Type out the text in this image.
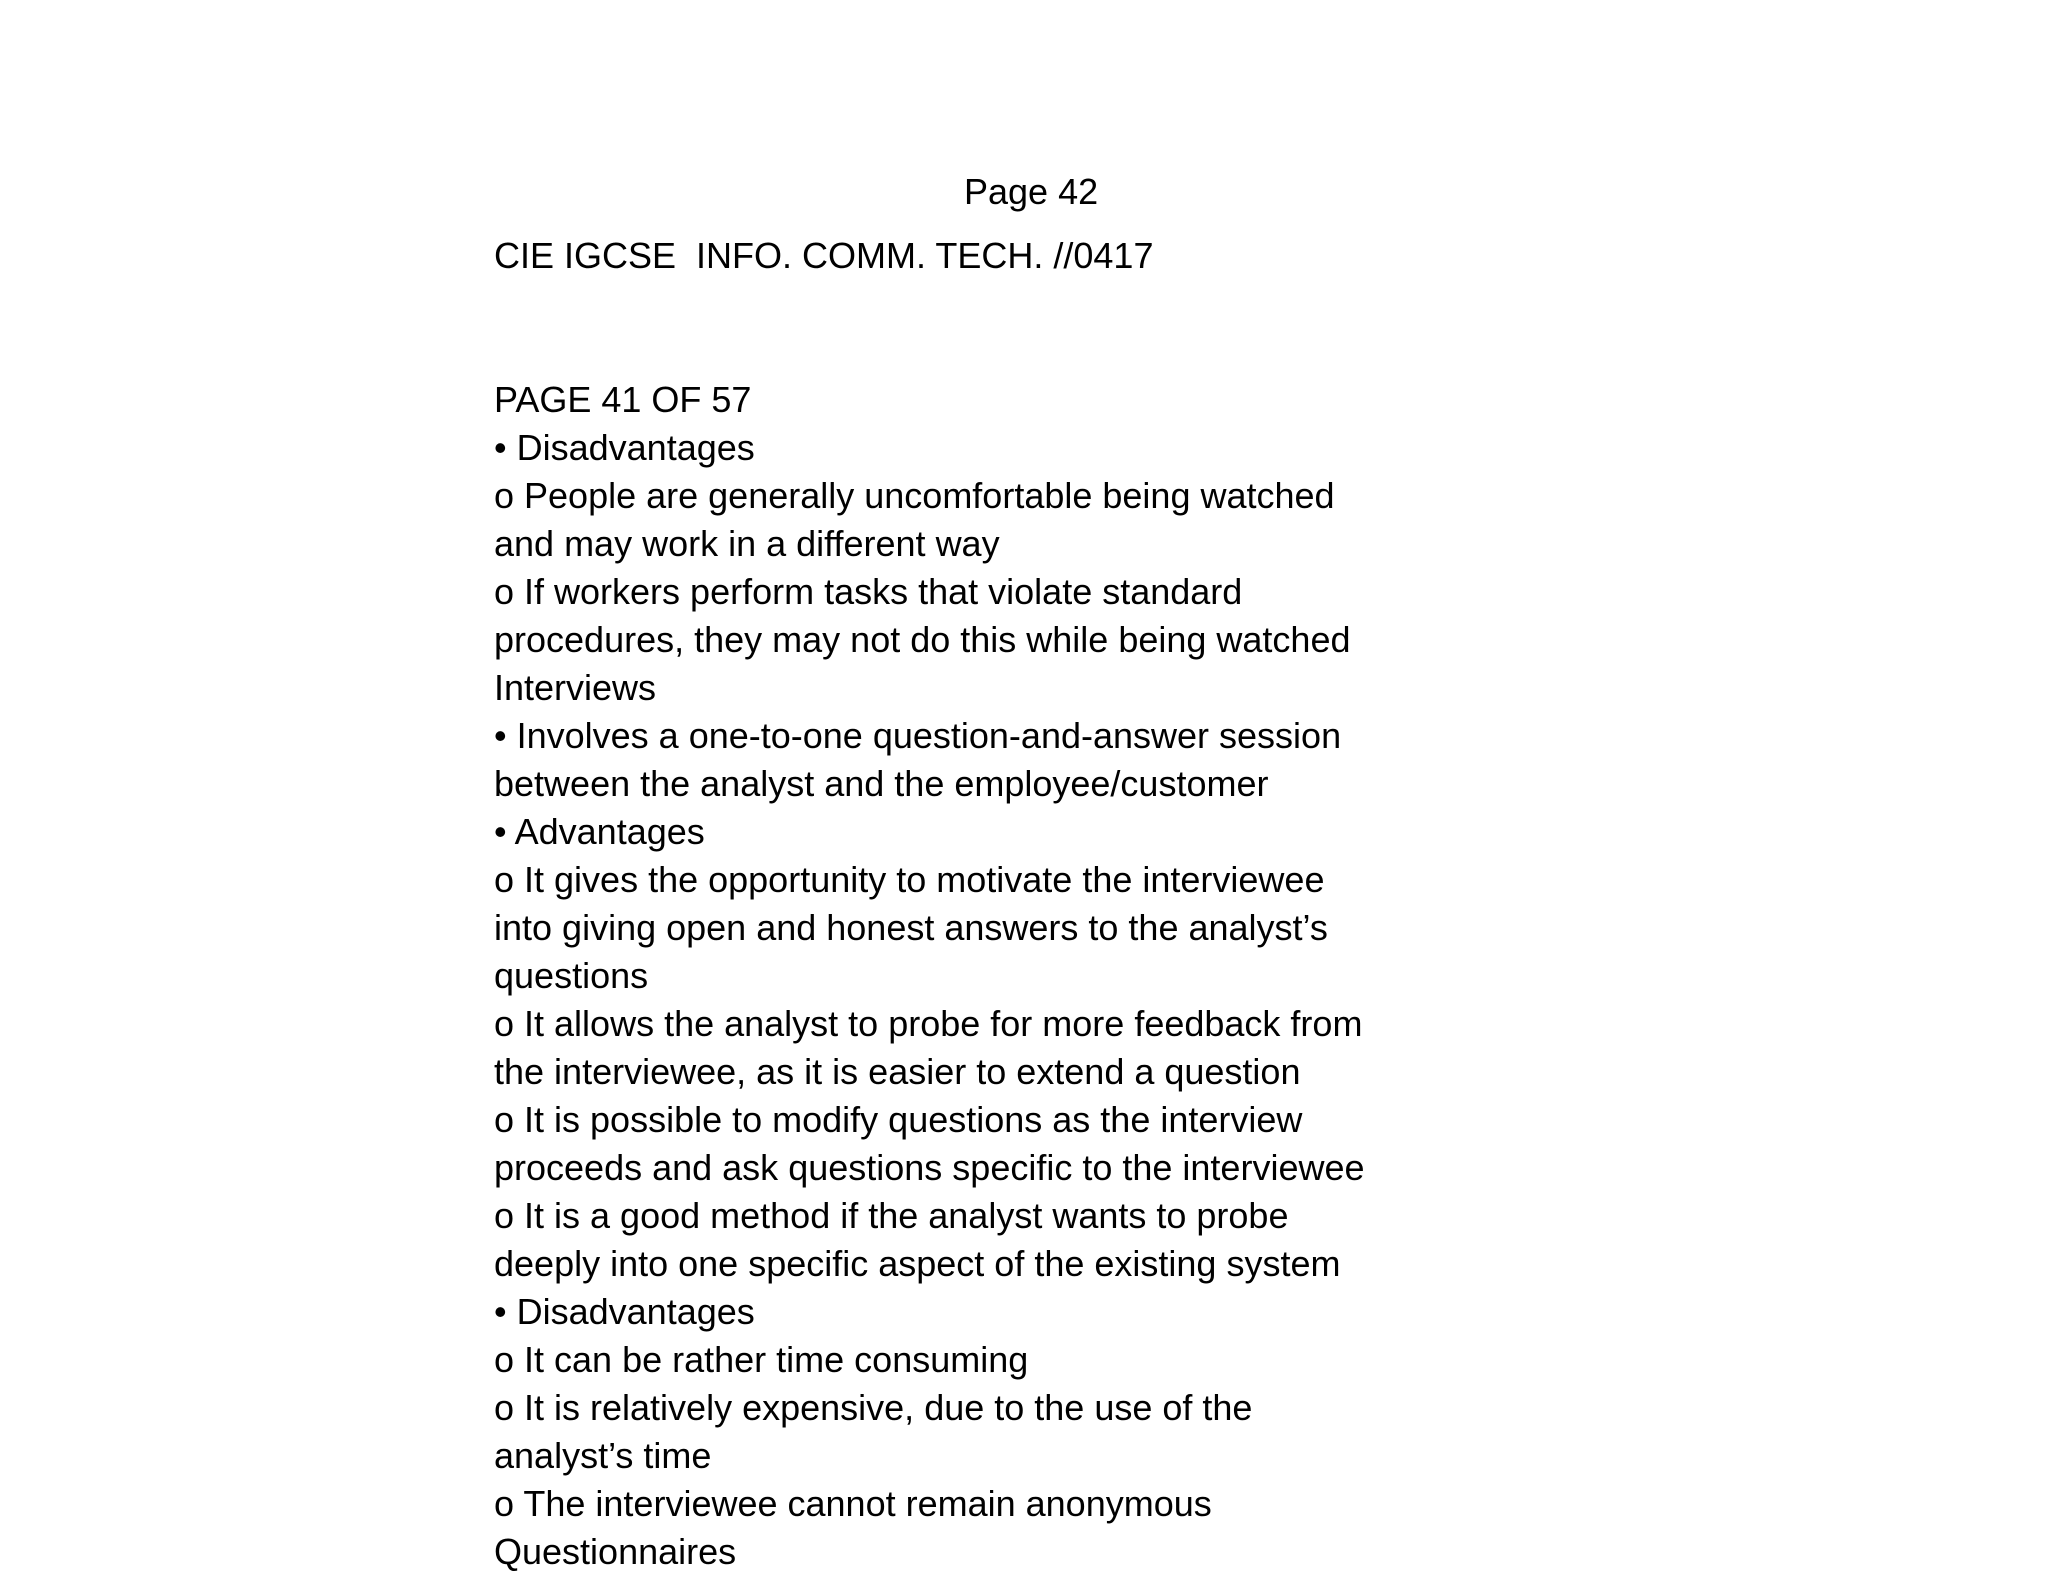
Page 42
CIE IGCSE  INFO. COMM. TECH. //0417
PAGE 41 OF 57
• Disadvantages
o People are generally uncomfortable being watched
and may work in a different way
o If workers perform tasks that violate standard
procedures, they may not do this while being watched
Interviews
• Involves a one-to-one question-and-answer session
between the analyst and the employee/customer
• Advantages
o It gives the opportunity to motivate the interviewee
into giving open and honest answers to the analyst’s
questions
o It allows the analyst to probe for more feedback from
the interviewee, as it is easier to extend a question
o It is possible to modify questions as the interview
proceeds and ask questions specific to the interviewee
o It is a good method if the analyst wants to probe
deeply into one specific aspect of the existing system
• Disadvantages
o It can be rather time consuming
o It is relatively expensive, due to the use of the
analyst’s time
o The interviewee cannot remain anonymous
Questionnaires
